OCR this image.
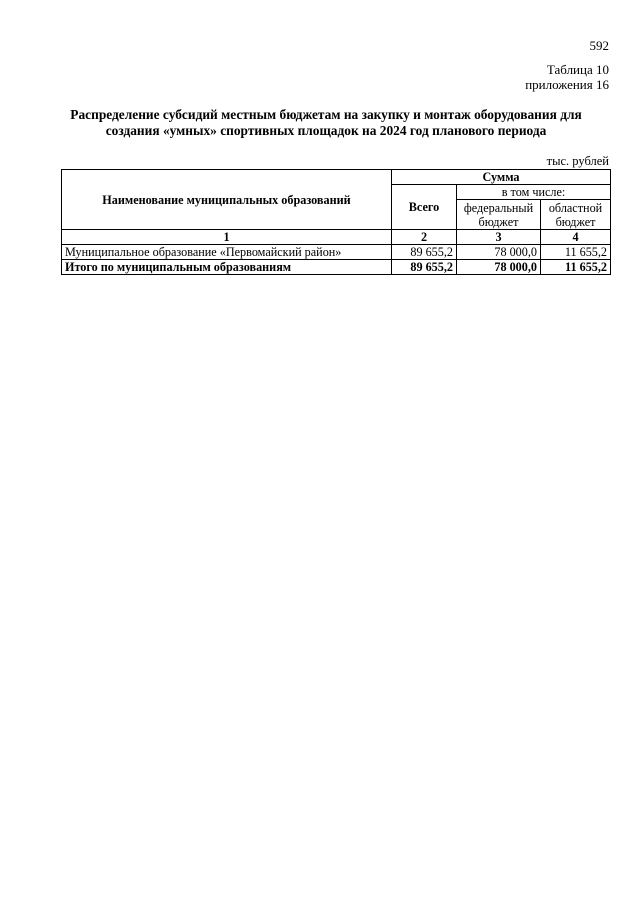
592
Таблица 10
приложения 16
Распределение субсидий местным бюджетам на закупку и монтаж оборудования для
создания «умных» спортивных площадок на 2024 год планового периода
тыс. рублей
Наименование муниципальных образований	Сумма		
	Всего	в том числе:	
		федеральный бюджет	областной бюджет
1	2	3	4
Муниципальное образование «Первомайский район»	89 655,2	78 000,0	11 655,2
Итого по муниципальным образованиям	89 655,2	78 000,0	11 655,2
